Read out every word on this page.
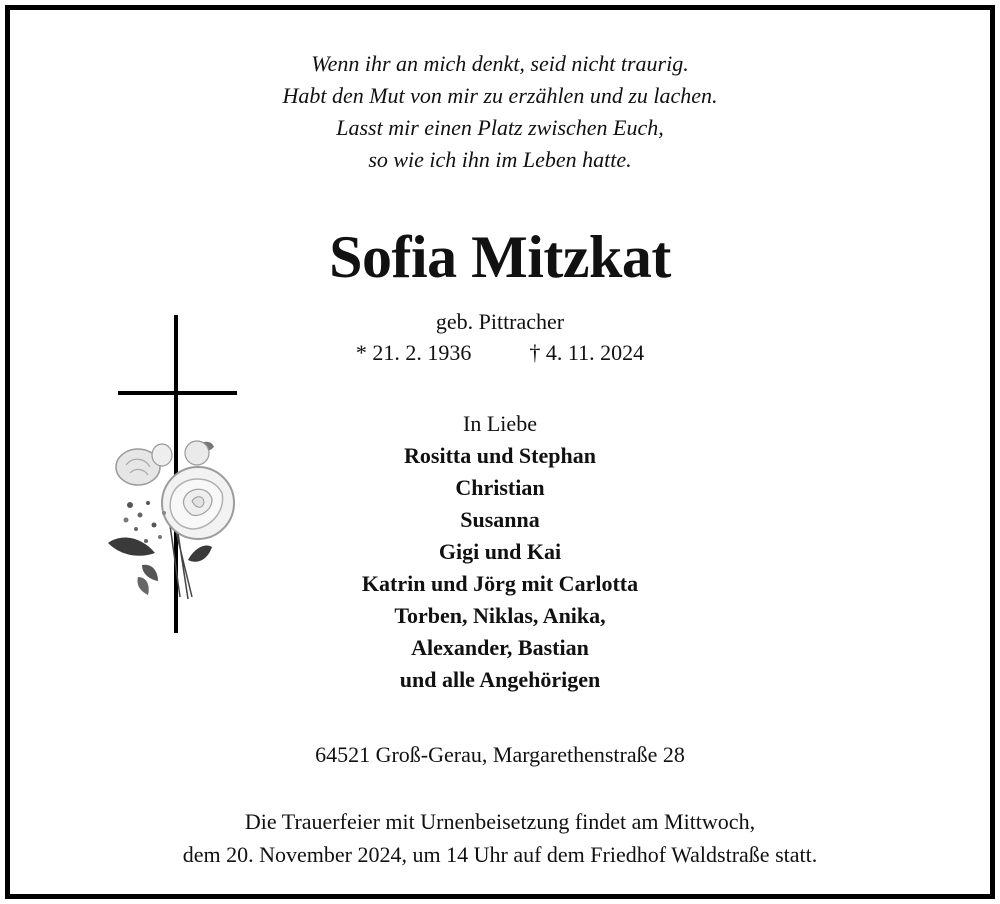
Wenn ihr an mich denkt, seid nicht traurig.
Habt den Mut von mir zu erzählen und zu lachen.
Lasst mir einen Platz zwischen Euch,
so wie ich ihn im Leben hatte.
Sofia Mitzkat
geb. Pittracher
* 21. 2. 1936	† 4. 11. 2024
In Liebe
Rositta und Stephan
Christian
Susanna
Gigi und Kai
Katrin und Jörg mit Carlotta
Torben, Niklas, Anika,
Alexander, Bastian
und alle Angehörigen
64521 Groß-Gerau, Margarethenstraße 28
Die Trauerfeier mit Urnenbeisetzung findet am Mittwoch,
dem 20. November 2024, um 14 Uhr auf dem Friedhof Waldstraße statt.
